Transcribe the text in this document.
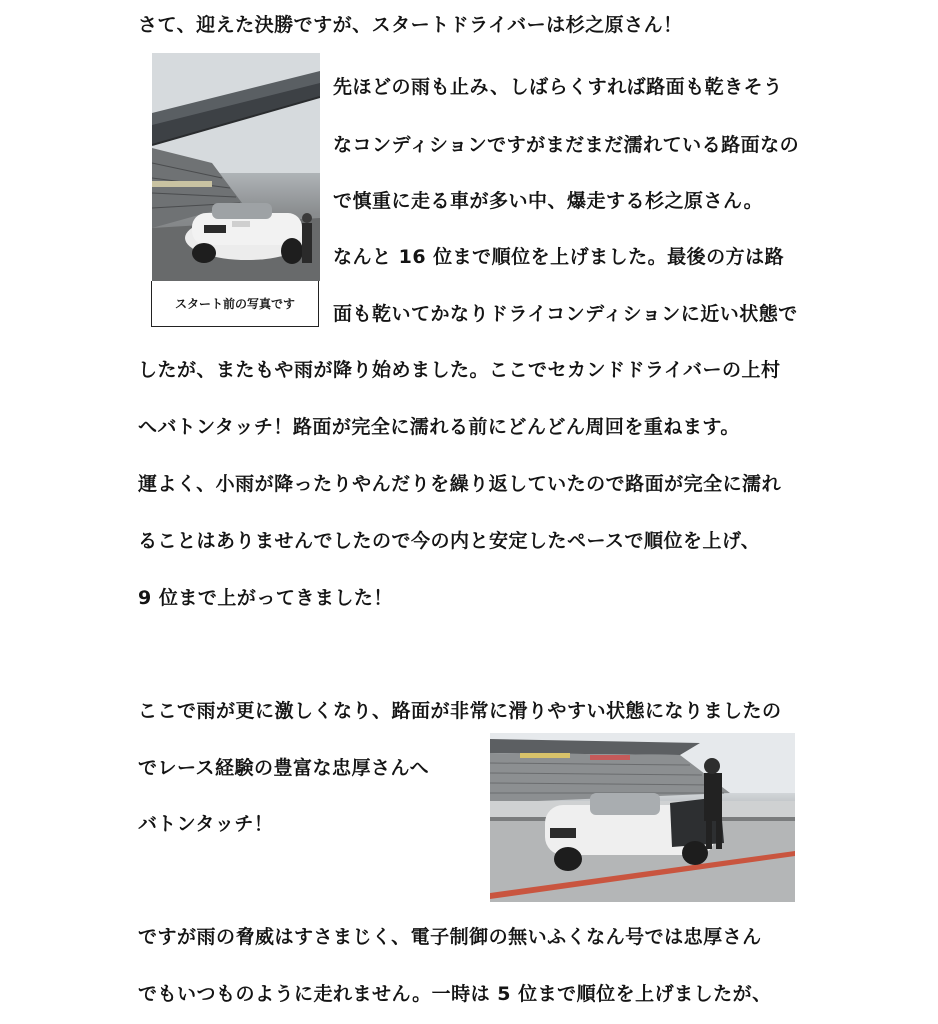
さて、迎えた決勝ですが、スタートドライバーは杉之原さん！
先ほどの雨も止み、しばらくすれば路面も乾きそう
なコンディションですがまだまだ濡れている路面なの
で慎重に走る車が多い中、爆走する杉之原さん。
なんと 16 位まで順位を上げました。最後の方は路
面も乾いてかなりドライコンディションに近い状態で
したが、またもや雨が降り始めました。ここでセカンドドライバーの上村
へバトンタッチ！路面が完全に濡れる前にどんどん周回を重ねます。
運よく、小雨が降ったりやんだりを繰り返していたので路面が完全に濡れ
ることはありませんでしたので今の内と安定したペースで順位を上げ、
9 位まで上がってきました！
ここで雨が更に激しくなり、路面が非常に滑りやすい状態になりましたの
でレース経験の豊富な忠厚さんへ
バトンタッチ！
ですが雨の脅威はすさまじく、電子制御の無いふくなん号では忠厚さん
でもいつものように走れません。一時は 5 位まで順位を上げましたが、
スタート前の写真です
